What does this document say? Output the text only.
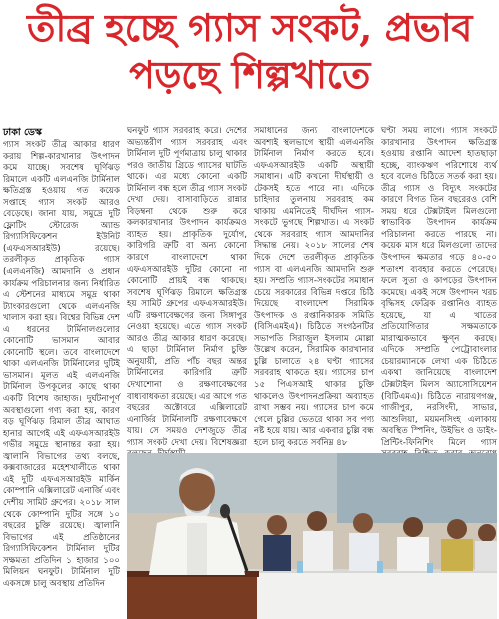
তীব্র হচ্ছে গ্যাস সংকট, প্রভাব
পড়ছে শিল্পখাতে
ঢাকা ডেস্ক

গ্যাস সংকট তীব্র আকার ধারণ করায় শিল্প-কারখানার উৎপাদন কমে যাচ্ছে। সবশেষ ঘূর্ণিঝড় রিমালে একটি এলএনজি টার্মিনাল ক্ষতিগ্রস্ত হওয়ায় গত কয়েক সপ্তাহে গ্যাস সংকট আরও বেড়েছে। জানা যায়, সমুদ্রে দুটি ফ্লোটিং স্টোরেজ অ্যান্ড রিগ্যাসিফিকেশন ইউনিট (এফএসআরইউ) রয়েছে। তরলীকৃত প্রাকৃতিক গ্যাস (এলএনজি) আমদানি ও প্রধান কার্যক্রম পরিচালনার জন্য নির্ধারিত এ স্টেশনের মাধ্যমে সমুদ্র থাকা ট্যাংকারগুলো থেকে এলএনজি খালাস করা হয়। বিশ্বের বিভিন্ন দেশ এ ধরনের টার্মিনালগুলোর কোনোটি ভাসমান আবার কোনোটি স্থলে। তবে বাংলাদেশে থাকা এলএনজি টার্মিনালের দুটিই ভাসমান। মূলত এই এলএনজি টার্মিনাল উপকূলের কাছে থাকা একটি বিশেষ জাহাজ। দুর্ঘটনাপূর্ণ অবস্থাগুলো গণ্য করা হয়, কারণ বড় ঘূর্ণিঝড় রিমাল তীব্র আঘাত হানার আগেই এই এফএসআরইউ গভীর সমুদ্রে স্থানান্তর করা হয়। জ্বালানি বিভাগের তথ্য বলছে, কক্সবাজারের মহেশখালীতে থাকা এই দুটি এফএসআরইউ মার্কিন কোম্পানি এক্সিলারেট এনার্জি এবং দেশীয় সামিট গ্রুপের। ২০১৮ সাল থেকে কোম্পানি দুটির সঙ্গে ১০ বছরের চুক্তি রয়েছে। জ্বালানি বিভাগের এই প্রতিষ্ঠানের রিগ্যাসিফিকেশন টার্মিনাল দুটির সক্ষমতা প্রতিদিন ১ হাজার ১০০ মিলিয়ন ঘনফুট। টার্মিনাল দুটি একসঙ্গে চালু অবস্থায় প্রতিদিন

ঘনফুট গ্যাস সরবরাহ করে। দেশের অভ্যন্তরীণ গ্যাস সরবরাহ এবং টার্মিনাল দুটি পূর্ণমাত্রায় চালু থাকার পরও জাতীয় গ্রিডে গ্যাসের ঘাটতি থাকে। এর মধ্যে কোনো একটি টার্মিনাল বন্ধ হলে তীব্র গ্যাস সংকট দেখা দেয়। বাসাবাড়িতে রান্নার বিড়ম্বনা থেকে শুরু করে কলকারখানার উৎপাদন কার্যক্রমও ব্যাহত হয়। প্রাকৃতিক দুর্যোগ, কারিগরি ত্রুটি বা অন্য কোনো কারণে বাংলাদেশে থাকা এফএসআরইউ দুটির কোনো না কোনোটি প্রায়ই বন্ধ থাকছে। সবশেষ ঘূর্ণিঝড় রিমালে ক্ষতিগ্রস্ত হয় সামিট গ্রুপের এফএসআরইউ। এটি রক্ষণাবেক্ষণের জন্য সিঙ্গাপুর নেওয়া হয়েছে। এতে গ্যাস সংকট আরও তীব্র আকার ধারণ করেছে। এ ছাড়া টার্মিনাল নির্মাণ চুক্তি অনুযায়ী, প্রতি পাঁচ বছর অন্তর টার্মিনালের কারিগরি ত্রুটি দেখাশোনা ও রক্ষণাবেক্ষণের বাধ্যবাধকতা রয়েছে। এর আগে গত বছরের অক্টোবরে এক্সিলারেট এনার্জির টার্মিনালটি রক্ষণাবেক্ষণে যায়। সে সময়ও দেশজুড়ে তীব্র গ্যাস সংকট দেখা দেয়। বিশেষজ্ঞরা

সমাধানের জন্য বাংলাদেশকে অবশ্যই স্থলভাগে স্থায়ী এলএনজি টার্মিনাল নির্মাণ করতে হবে। এফএসআরইউ একটি অস্থায়ী সমাধান। এটি কখনো দীর্ঘস্থায়ী ও টেকসই হতে পারে না। এদিকে চাহিদার তুলনায় সরবরাহ কম থাকায় এমনিতেই দীর্ঘদিন গ্যাস-সংকটে ভুগছে শিল্পখাত। এ সংকট থেকে সরবরাহ গ্যাস আমদানির সিদ্ধান্ত নেয়। ২০১৮ সালের শেষ দিকে দেশে তরলীকৃত প্রাকৃতিক গ্যাস বা এলএনজি আমদানি শুরু হয়। সম্প্রতি গ্যাস-সংকটের সমাধান চেয়ে সরকারের বিভিন্ন দপ্তরে চিঠি দিয়েছে বাংলাদেশ সিরামিক উৎপাদক ও রপ্তানিকারক সমিতি (বিসিএমইএ)। চিঠিতে সংগঠনটির সভাপতি সিরাজুল ইসলাম মোল্লা উল্লেখ করেন, সিরামিক কারখানার চুল্লি চালাতে ২৪ ঘণ্টা গ্যাসের সরবরাহ থাকতে হয়। গ্যাসের চাপ ১৫ পিএসআই থাকার চুক্তি থাকলেও উৎপাদনপ্রক্রিয়া অব্যাহত রাখা সম্ভব নয়। গ্যাসের চাপ কমে গেলে চুল্লির ভেতরে থাকা সব পণ্য নষ্ট হয়ে যায়। আর একবার চুল্লি বন্ধ হলে চালু করতে সর্বনিম্ন ৪৮

ঘণ্টা সময় লাগে। গ্যাস সংকটে কারখানার উৎপাদন ক্ষতিগ্রস্ত হওয়ায় রপ্তানি আদেশ হাতছাড়া হচ্ছে, ব্যাংকঋণ পরিশোধে ব্যর্থ হবে বলেও চিঠিতে সতর্ক করা হয়। তীব্র গ্যাস ও বিদ্যুৎ সংকটের কারণে বিগত তিন বছরেরও বেশি সময় ধরে টেক্সটাইল মিলগুলো স্বাভাবিক উৎপাদন কার্যক্রম পরিচালনা করতে পারছে না। কয়েক মাস ধরে মিলগুলো তাদের উৎপাদন ক্ষমতার গড়ে ৪০-৫০ শতাংশ ব্যবহার করতে পেরেছে। ফলে সুতা ও কাপড়ের উৎপাদন কমেছে। একই সঙ্গে উৎপাদন খরচ বৃদ্ধিসহ ফেব্রিক রপ্তানিও ব্যাহত হয়েছে, যা এ খাতের প্রতিযোগিতার সক্ষমতাকে মারাত্মকভাবে ক্ষুণ্ন করছে। এদিকে সম্প্রতি পেট্রোবাংলার চেয়ারম্যানকে লেখা এক চিঠিতে একথা জানিয়েছে বাংলাদেশ টেক্সটাইল মিলস অ্যাসোসিয়েশন (বিটিএমএ)। চিঠিতে নারায়ণগঞ্জ, গাজীপুর, নরসিংদী, সাভার, আশুলিয়া, ময়মনসিংহ এলাকায় অবস্থিত স্পিনিং, উইভিং ও ডাইং-প্রিন্টিং-ফিনিশিং মিলে গ্যাস
